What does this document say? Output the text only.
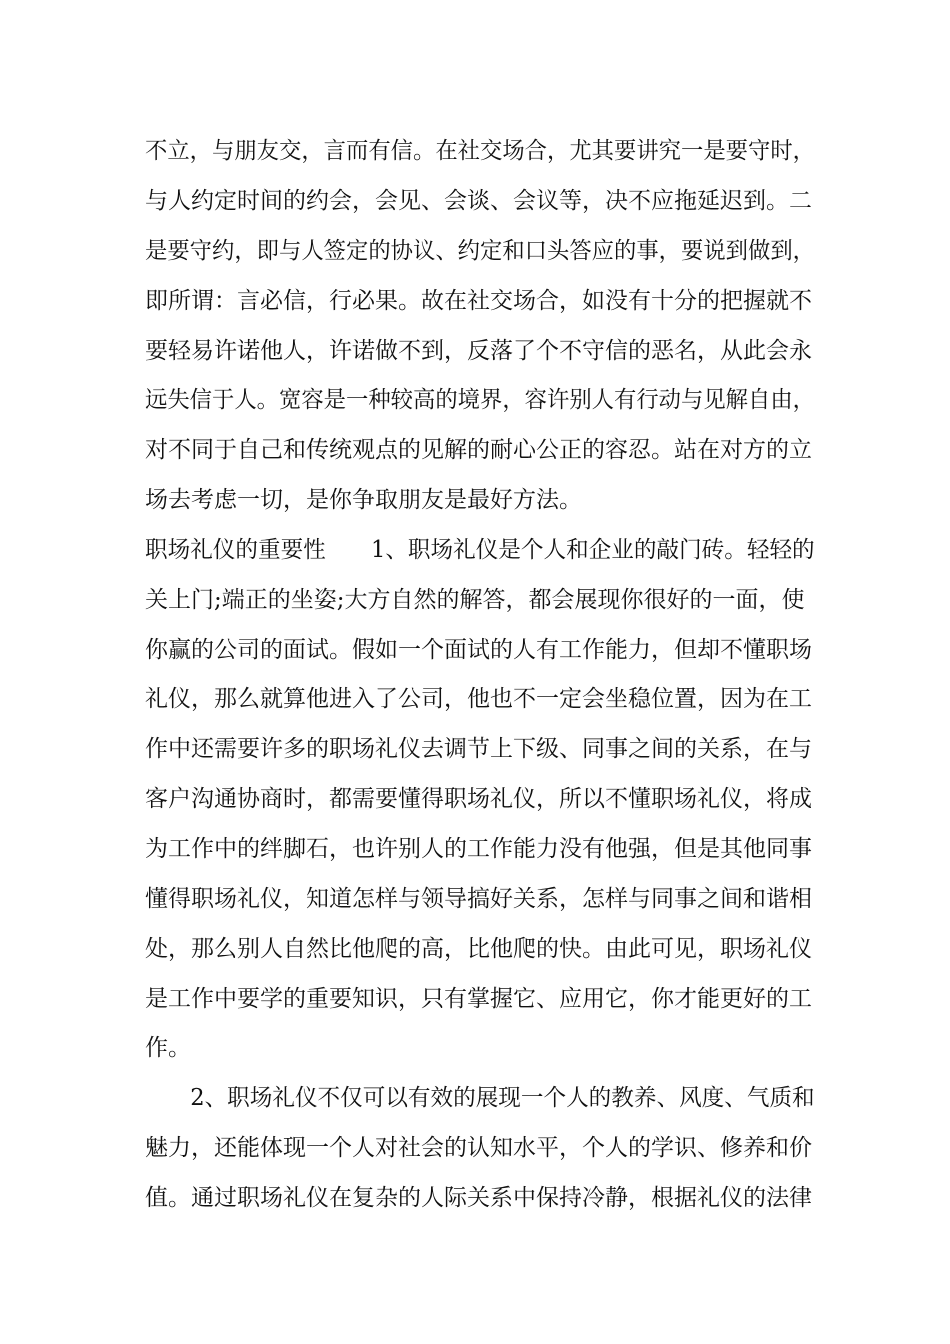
不立，与朋友交，言而有信。在社交场合，尤其要讲究一是要守时，
与人约定时间的约会，会见、会谈、会议等，决不应拖延迟到。二
是要守约，即与人签定的协议、约定和口头答应的事，要说到做到，
即所谓：言必信，行必果。故在社交场合，如没有十分的把握就不
要轻易许诺他人，许诺做不到，反落了个不守信的恶名，从此会永
远失信于人。宽容是一种较高的境界，容许别人有行动与见解自由，
对不同于自己和传统观点的见解的耐心公正的容忍。站在对方的立
场去考虑一切，是你争取朋友是最好方法。
职场礼仪的重要性　　1、职场礼仪是个人和企业的敲门砖。轻轻的
关上门;端正的坐姿;大方自然的解答，都会展现你很好的一面，使
你赢的公司的面试。假如一个面试的人有工作能力，但却不懂职场
礼仪，那么就算他进入了公司，他也不一定会坐稳位置，因为在工
作中还需要许多的职场礼仪去调节上下级、同事之间的关系，在与
客户沟通协商时，都需要懂得职场礼仪，所以不懂职场礼仪，将成
为工作中的绊脚石，也许别人的工作能力没有他强，但是其他同事
懂得职场礼仪，知道怎样与领导搞好关系，怎样与同事之间和谐相
处，那么别人自然比他爬的高，比他爬的快。由此可见，职场礼仪
是工作中要学的重要知识，只有掌握它、应用它，你才能更好的工
作。
　　2、职场礼仪不仅可以有效的展现一个人的教养、风度、气质和
魅力，还能体现一个人对社会的认知水平，个人的学识、修养和价
值。通过职场礼仪在复杂的人际关系中保持冷静，根据礼仪的法律
